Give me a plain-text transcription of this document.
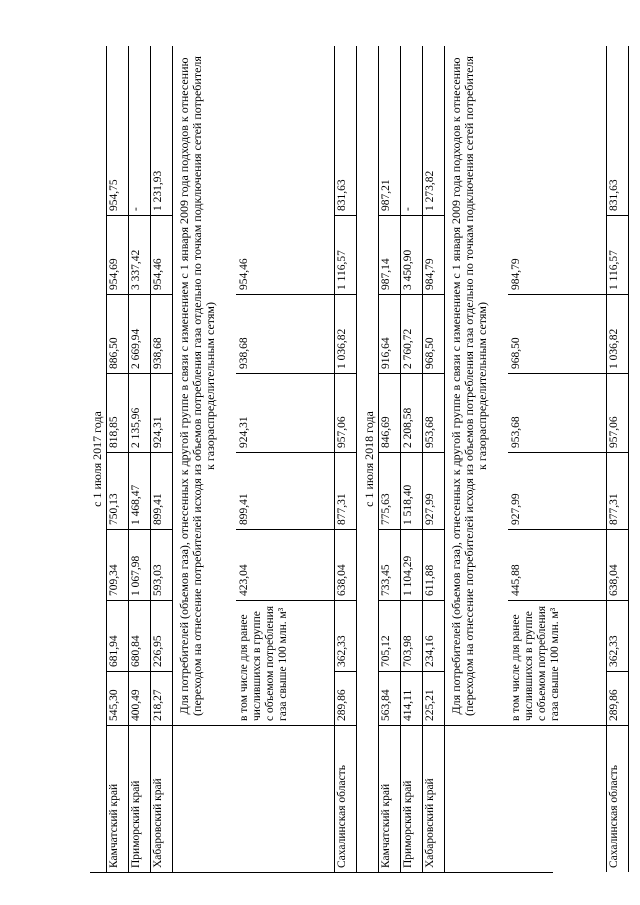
с 1 июля 2017 года
Камчатский край
545,30
681,94
709,34
750,13
818,85
886,50
954,69
954,75
Приморский край
400,49
680,84
1 067,98
1 468,47
2 135,96
2 669,94
3 337,42
-
Хабаровский край
218,27
226,95
593,03
899,41
924,31
938,68
954,46
1 231,93	Для потребителей (объемов газа), отнесенных к другой группе в связи с изменением с 1 января 2009 года подходов к отнесению (переходом на отнесение потребителей исходя из объемов потребления газа отдельно по точкам подключения сетей потребителя к газораспределительным сетям)
в том числе для ранее числившихся в группе с объемом потребления газа свыше 100 млн. м³
423,04
899,41
924,31
938,68
954,46
Сахалинская область
289,86
362,33
638,04
877,31
957,06
1 036,82
1 116,57
831,63
с 1 июля 2018 года
Камчатский край
563,84
705,12
733,45
775,63
846,69
916,64
987,14
987,21
Приморский край
414,11
703,98
1 104,29
1 518,40
2 208,58
2 760,72
3 450,90
-
Хабаровский край
225,21
234,16
611,88
927,99
953,68
968,50
984,79
1 273,82	Для потребителей (объемов газа), отнесенных к другой группе в связи с изменением с 1 января 2009 года подходов к отнесению (переходом на отнесение потребителей исходя из объемов потребления газа отдельно по точкам подключения сетей потребителя к газораспределительным сетям)
в том числе для ранее числившихся в группе с объемом потребления газа свыше 100 млн. м³
445,88
927,99
953,68
968,50
984,79
Сахалинская область
289,86
362,33
638,04
877,31
957,06
1 036,82
1 116,57
831,63
